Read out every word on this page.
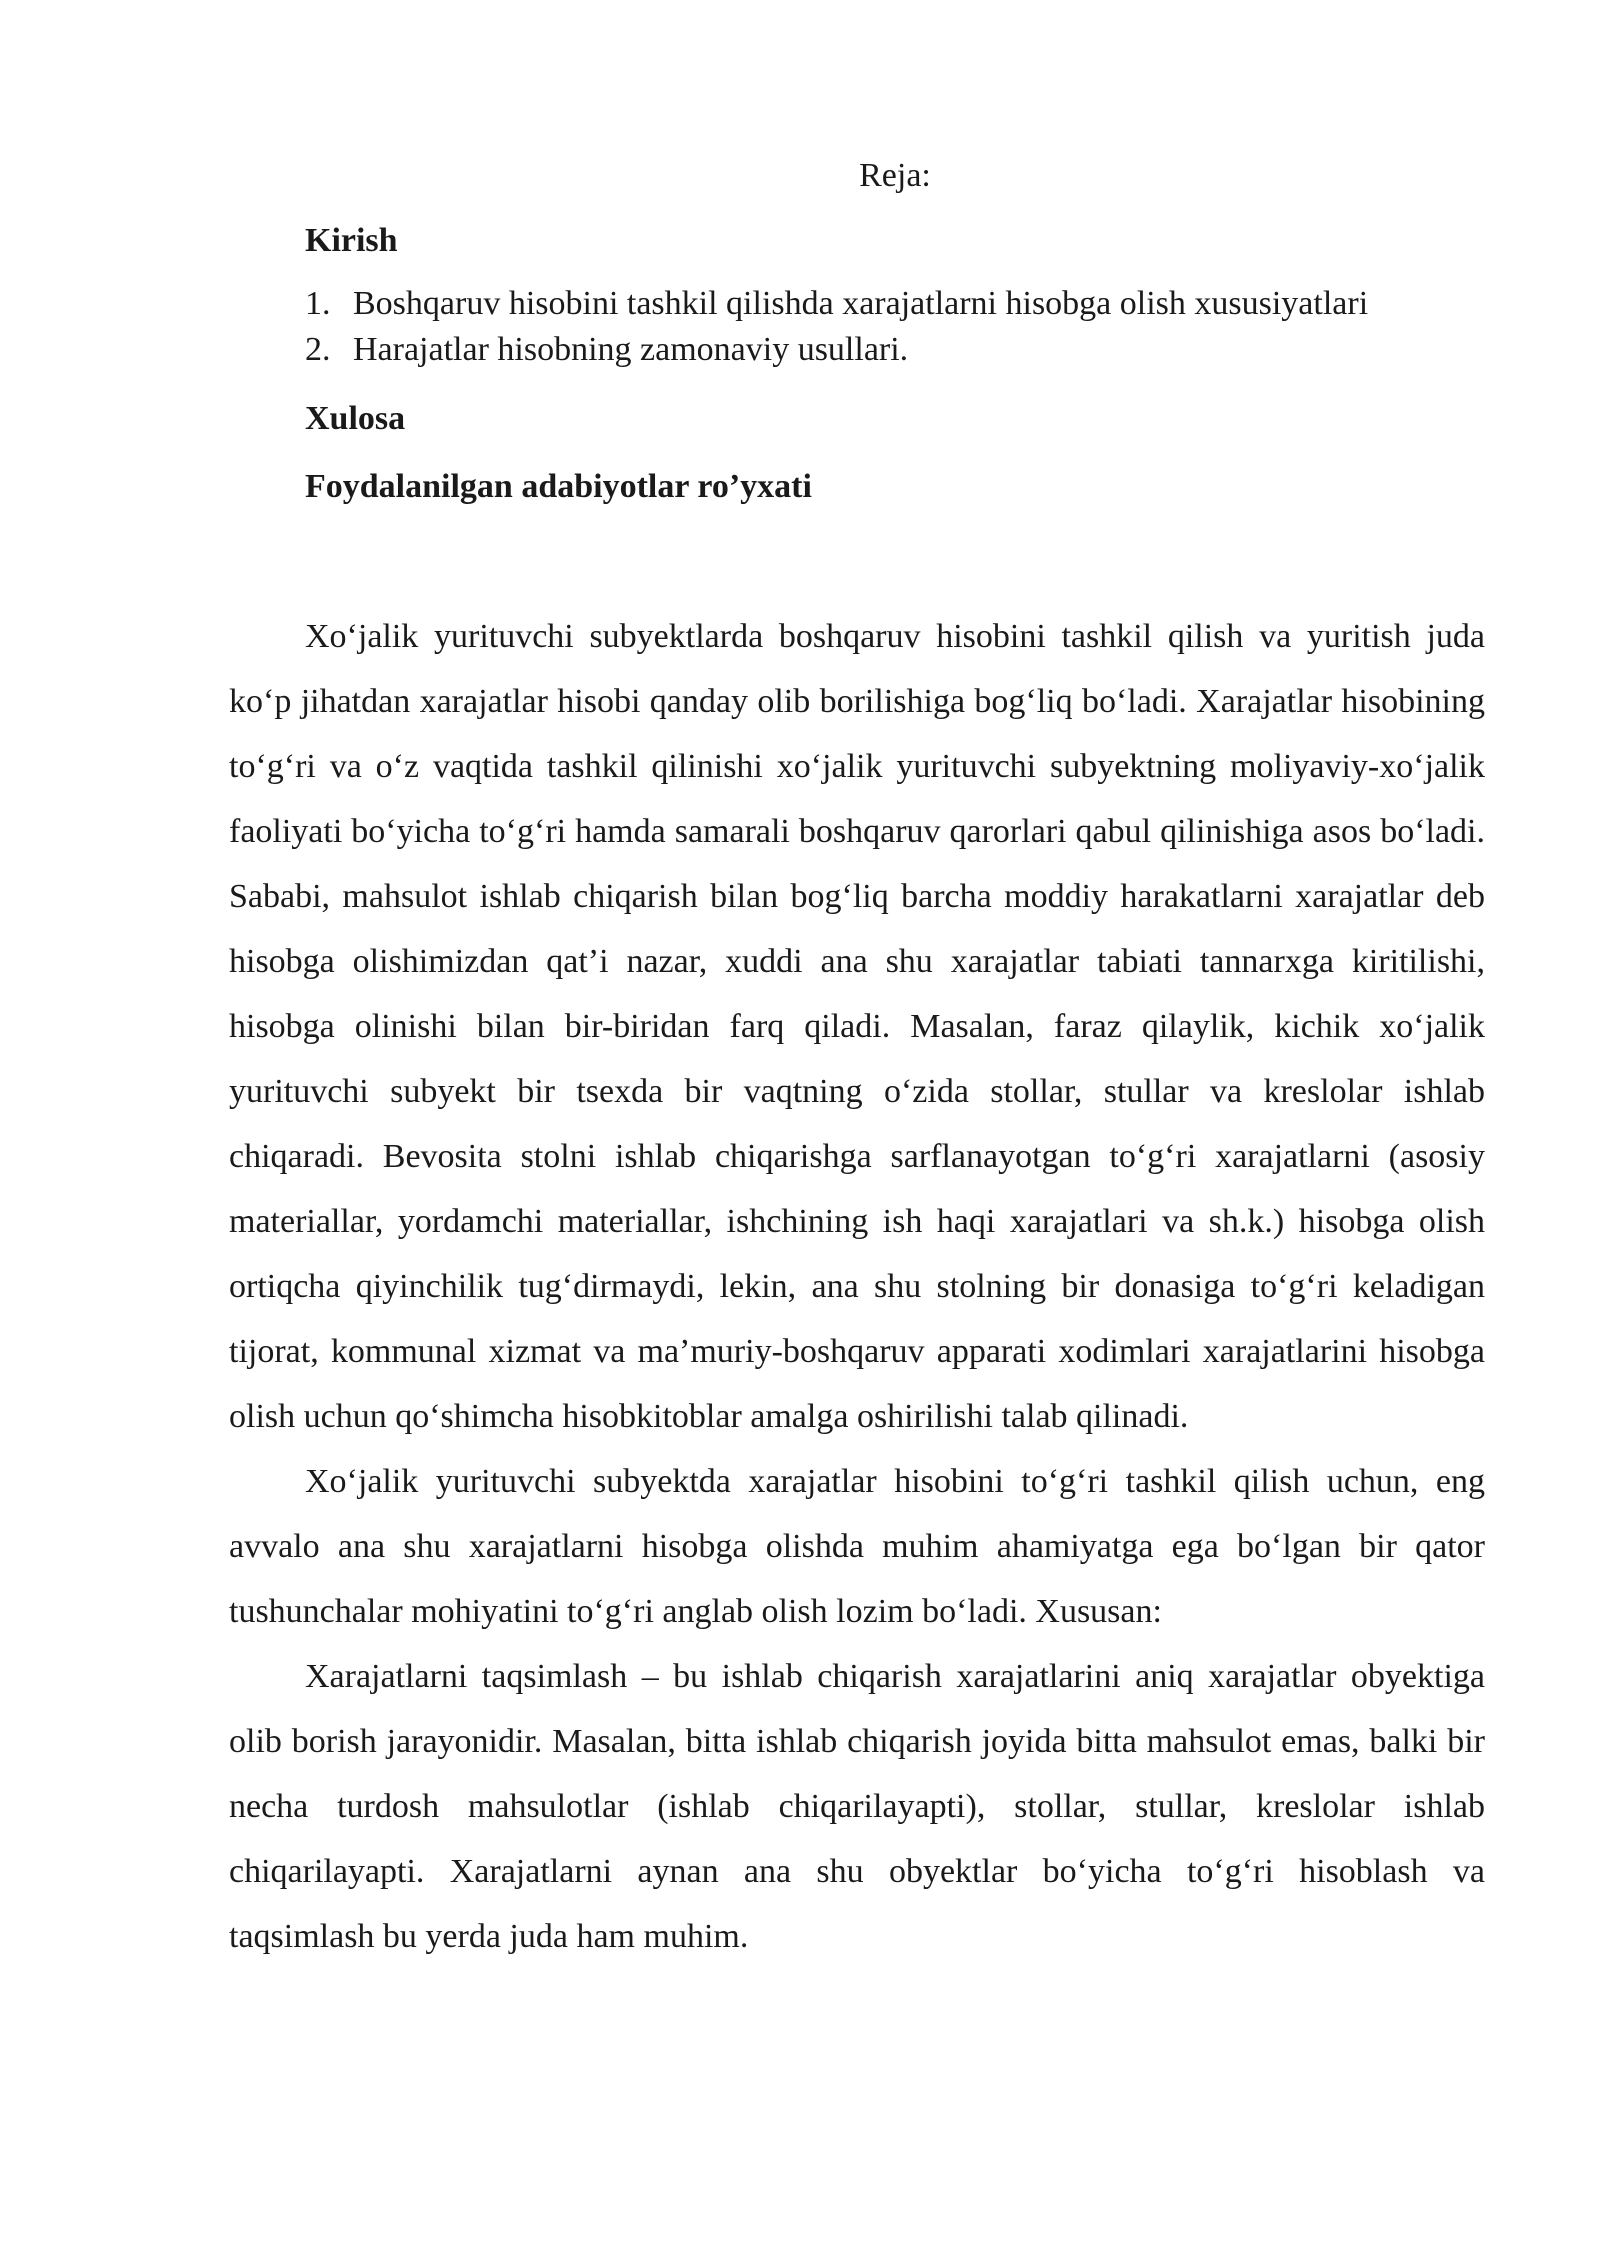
Reja:

Kirish

1. Boshqaruv hisobini tashkil qilishda xarajatlarni hisobga olish xususiyatlari
2. Harajatlar hisobning zamonaviy usullari.

Xulosa

Foydalanilgan adabiyotlar ro’yxati

Xo‘jalik yurituvchi subyektlarda boshqaruv hisobini tashkil qilish va yuritish juda ko‘p jihatdan xarajatlar hisobi qanday olib borilishiga bog‘liq bo‘ladi. Xarajatlar hisobining to‘g‘ri va o‘z vaqtida tashkil qilinishi xo‘jalik yurituvchi subyektning moliyaviy-xo‘jalik faoliyati bo‘yicha to‘g‘ri hamda samarali boshqaruv qarorlari qabul qilinishiga asos bo‘ladi. Sababi, mahsulot ishlab chiqarish bilan bog‘liq barcha moddiy harakatlarni xarajatlar deb hisobga olishimizdan qat’i nazar, xuddi ana shu xarajatlar tabiati tannarxga kiritilishi, hisobga olinishi bilan bir-biridan farq qiladi. Masalan, faraz qilaylik, kichik xo‘jalik yurituvchi subyekt bir tsexda bir vaqtning o‘zida stollar, stullar va kreslolar ishlab chiqaradi. Bevosita stolni ishlab chiqarishga sarflanayotgan to‘g‘ri xarajatlarni (asosiy materiallar, yordamchi materiallar, ishchining ish haqi xarajatlari va sh.k.) hisobga olish ortiqcha qiyinchilik tug‘dirmaydi, lekin, ana shu stolning bir donasiga to‘g‘ri keladigan tijorat, kommunal xizmat va ma’muriy-boshqaruv apparati xodimlari xarajatlarini hisobga olish uchun qo‘shimcha hisobkitoblar amalga oshirilishi talab qilinadi.

Xo‘jalik yurituvchi subyektda xarajatlar hisobini to‘g‘ri tashkil qilish uchun, eng avvalo ana shu xarajatlarni hisobga olishda muhim ahamiyatga ega bo‘lgan bir qator tushunchalar mohiyatini to‘g‘ri anglab olish lozim bo‘ladi. Xususan:

Xarajatlarni taqsimlash – bu ishlab chiqarish xarajatlarini aniq xarajatlar obyektiga olib borish jarayonidir. Masalan, bitta ishlab chiqarish joyida bitta mahsulot emas, balki bir necha turdosh mahsulotlar (ishlab chiqarilayapti), stollar, stullar, kreslolar ishlab chiqarilayapti. Xarajatlarni aynan ana shu obyektlar bo‘yicha to‘g‘ri hisoblash va taqsimlash bu yerda juda ham muhim.
